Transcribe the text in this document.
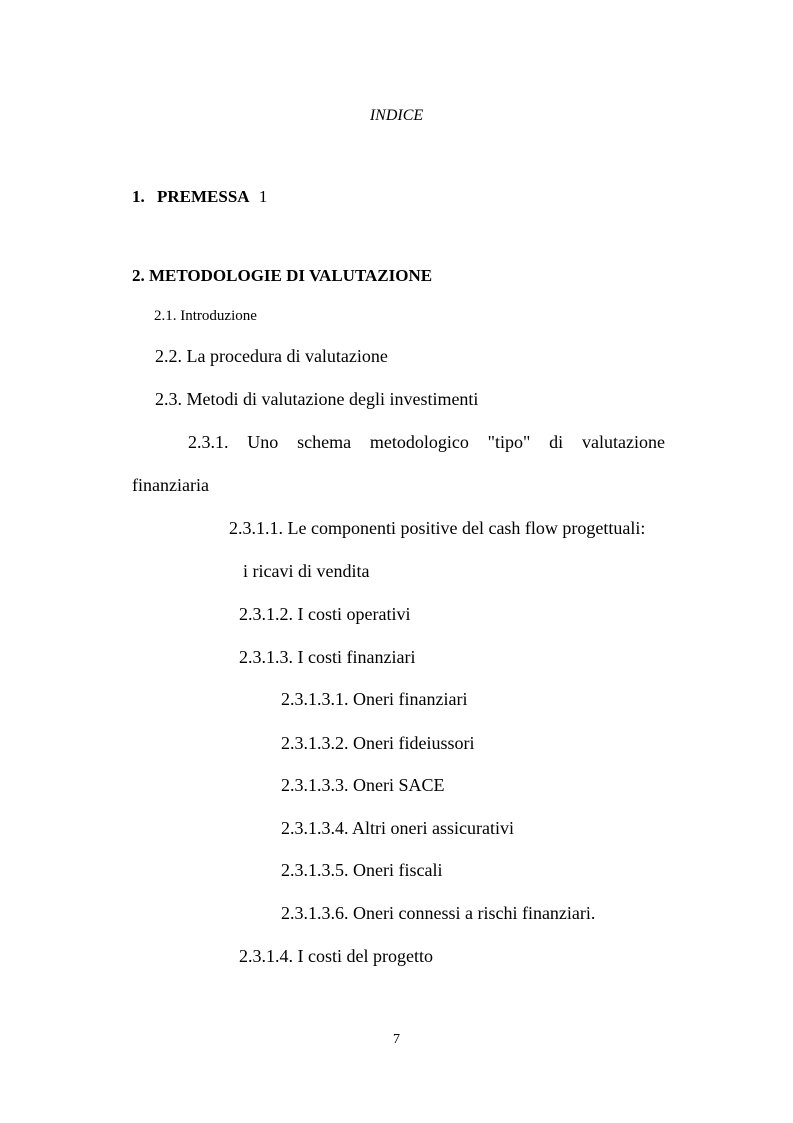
INDICE
1. PREMESSA 1
2. METODOLOGIE DI VALUTAZIONE
2.1. Introduzione
2.2. La procedura di valutazione
2.3. Metodi di valutazione degli investimenti
2.3.1. Uno schema metodologico "tipo" di valutazione
finanziaria
2.3.1.1. Le componenti positive del cash flow progettuali:
i ricavi di vendita
2.3.1.2. I costi operativi
2.3.1.3. I costi finanziari
2.3.1.3.1. Oneri finanziari
2.3.1.3.2. Oneri fideiussori
2.3.1.3.3. Oneri SACE
2.3.1.3.4. Altri oneri assicurativi
2.3.1.3.5. Oneri fiscali
2.3.1.3.6. Oneri connessi a rischi finanziari.
2.3.1.4. I costi del progetto
7
